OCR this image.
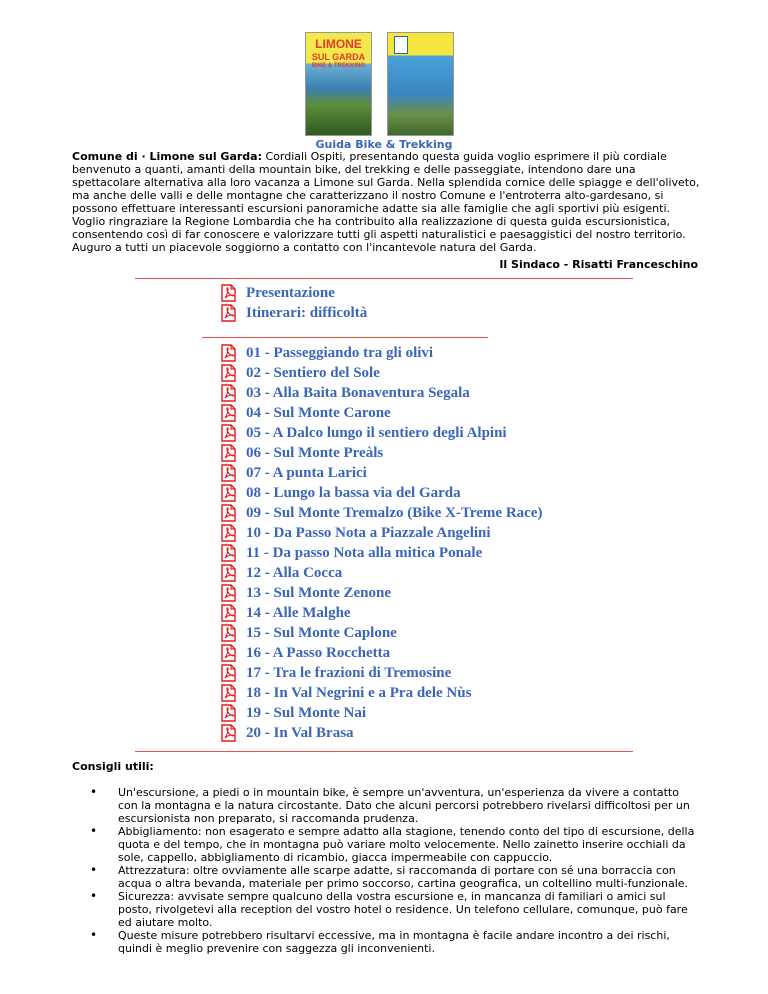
LIMONE
SUL GARDA
BIKE & TREKKING
Guida Bike & Trekking

Comune di · Limone sul Garda: Cordiali Ospiti, presentando questa guida voglio esprimere il più cordiale benvenuto a quanti, amanti della mountain bike, del trekking e delle passeggiate, intendono dare una spettacolare alternativa alla loro vacanza a Limone sul Garda. Nella splendida cornice delle spiagge e dell'oliveto, ma anche delle valli e delle montagne che caratterizzano il nostro Comune e l'entroterra alto-gardesano, si possono effettuare interessanti escursioni panoramiche adatte sia alle famiglie che agli sportivi più esigenti.

Voglio ringraziare la Regione Lombardia che ha contribuito alla realizzazione di questa guida escursionistica, consentendo così di far conoscere e valorizzare tutti gli aspetti naturalistici e paesaggistici del nostro territorio.

Auguro a tutti un piacevole soggiorno a contatto con l'incantevole natura del Garda.

Il Sindaco - Risatti Franceschino
Presentazione
Itinerari: difficoltà
01 - Passeggiando tra gli olivi
02 - Sentiero del Sole
03 - Alla Baita Bonaventura Segala
04 - Sul Monte Carone
05 - A Dalco lungo il sentiero degli Alpini
06 - Sul Monte Preàls
07 - A punta Larici
08 - Lungo la bassa via del Garda
09 - Sul Monte Tremalzo (Bike X-Treme Race)
10 - Da Passo Nota a Piazzale Angelini
11 - Da passo Nota alla mitica Ponale
12 - Alla Cocca
13 - Sul Monte Zenone
14 - Alle Malghe
15 - Sul Monte Caplone
16 - A Passo Rocchetta
17 - Tra le frazioni di Tremosine
18 - In Val Negrini e a Pra dele Nùs
19 - Sul Monte Nai
20 - In Val Brasa
Consigli utili:
• Un'escursione, a piedi o in mountain bike, è sempre un'avventura, un'esperienza da vivere a contatto con la montagna e la natura circostante. Dato che alcuni percorsi potrebbero rivelarsi difficoltosi per un escursionista non preparato, si raccomanda prudenza.
• Abbigliamento: non esagerato e sempre adatto alla stagione, tenendo conto del tipo di escursione, della quota e del tempo, che in montagna può variare molto velocemente. Nello zainetto inserire occhiali da sole, cappello, abbigliamento di ricambio, giacca impermeabile con cappuccio.
• Attrezzatura: oltre ovviamente alle scarpe adatte, si raccomanda di portare con sé una borraccia con acqua o altra bevanda, materiale per primo soccorso, cartina geografica, un coltellino multi-funzionale.
• Sicurezza: avvisate sempre qualcuno della vostra escursione e, in mancanza di familiari o amici sul posto, rivolgetevi alla reception del vostro hotel o residence. Un telefono cellulare, comunque, può fare ed aiutare molto.
• Queste misure potrebbero risultarvi eccessive, ma in montagna è facile andare incontro a dei rischi, quindi è meglio prevenire con saggezza gli inconvenienti.
